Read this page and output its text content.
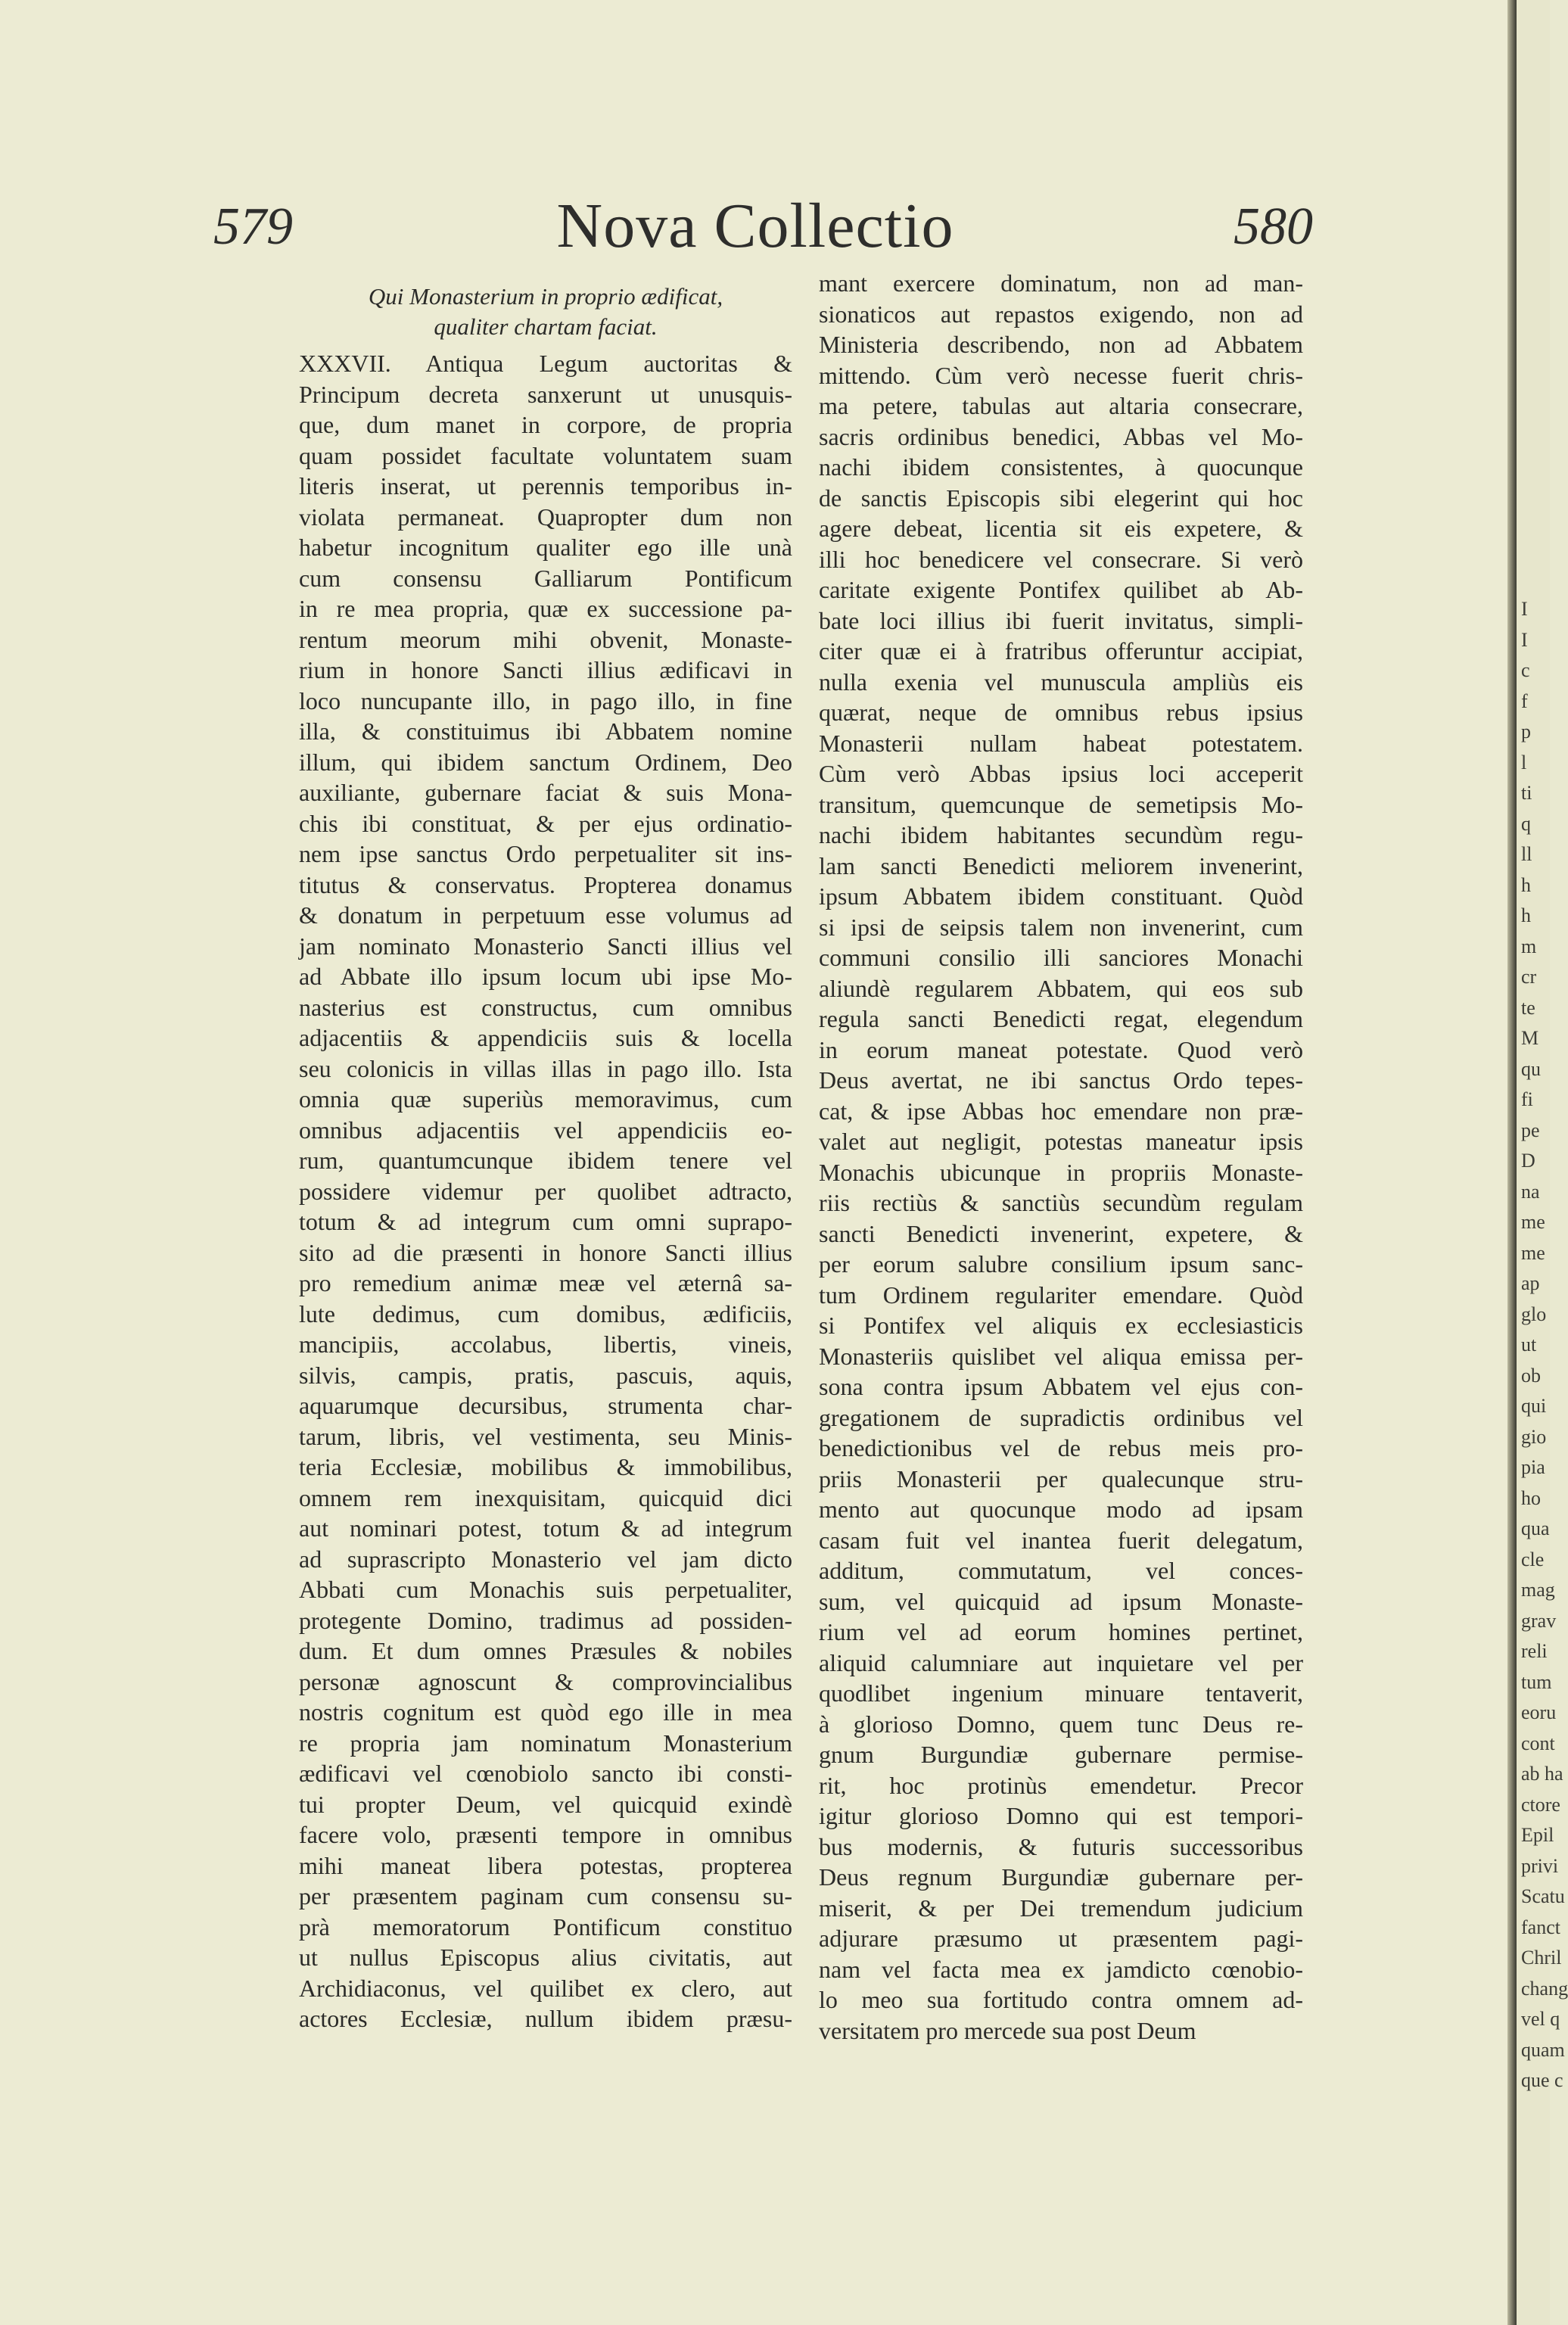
579	Nova Collectio	580
Qui Monasterium in proprio ædificat,
qualiter chartam faciat.
XXXVII. Antiqua Legum auctoritas &
Principum decreta sanxerunt ut unusquis-
que, dum manet in corpore, de propria
quam possidet facultate voluntatem suam
literis inserat, ut perennis temporibus in-
violata permaneat. Quapropter dum non
habetur incognitum qualiter ego ille unà
cum consensu Galliarum Pontificum
in re mea propria, quæ ex successione pa-
rentum meorum mihi obvenit, Monaste-
rium in honore Sancti illius ædificavi in
loco nuncupante illo, in pago illo, in fine
illa, & constituimus ibi Abbatem nomine
illum, qui ibidem sanctum Ordinem, Deo
auxiliante, gubernare faciat & suis Mona-
chis ibi constituat, & per ejus ordinatio-
nem ipse sanctus Ordo perpetualiter sit ins-
titutus & conservatus. Propterea donamus
& donatum in perpetuum esse volumus ad
jam nominato Monasterio Sancti illius vel
ad Abbate illo ipsum locum ubi ipse Mo-
nasterius est constructus, cum omnibus
adjacentiis & appendiciis suis & locella
seu colonicis in villas illas in pago illo. Ista
omnia quæ superiùs memoravimus, cum
omnibus adjacentiis vel appendiciis eo-
rum, quantumcunque ibidem tenere vel
possidere videmur per quolibet adtracto,
totum & ad integrum cum omni suprapo-
sito ad die præsenti in honore Sancti illius
pro remedium animæ meæ vel æternâ sa-
lute dedimus, cum domibus, ædificiis,
mancipiis, accolabus, libertis, vineis,
silvis, campis, pratis, pascuis, aquis,
aquarumque decursibus, strumenta char-
tarum, libris, vel vestimenta, seu Minis-
teria Ecclesiæ, mobilibus & immobilibus,
omnem rem inexquisitam, quicquid dici
aut nominari potest, totum & ad integrum
ad suprascripto Monasterio vel jam dicto
Abbati cum Monachis suis perpetualiter,
protegente Domino, tradimus ad possiden-
dum. Et dum omnes Præsules & nobiles
personæ agnoscunt & comprovincialibus
nostris cognitum est quòd ego ille in mea
re propria jam nominatum Monasterium
ædificavi vel cœnobiolo sancto ibi consti-
tui propter Deum, vel quicquid exindè
facere volo, præsenti tempore in omnibus
mihi maneat libera potestas, propterea
per præsentem paginam cum consensu su-
prà memoratorum Pontificum constituo
ut nullus Episcopus alius civitatis, aut
Archidiaconus, vel quilibet ex clero, aut
actores Ecclesiæ, nullum ibidem præsu-
mant exercere dominatum, non ad man-
sionaticos aut repastos exigendo, non ad
Ministeria describendo, non ad Abbatem
mittendo. Cùm verò necesse fuerit chris-
ma petere, tabulas aut altaria consecrare,
sacris ordinibus benedici, Abbas vel Mo-
nachi ibidem consistentes, à quocunque
de sanctis Episcopis sibi elegerint qui hoc
agere debeat, licentia sit eis expetere, &
illi hoc benedicere vel consecrare. Si verò
caritate exigente Pontifex quilibet ab Ab-
bate loci illius ibi fuerit invitatus, simpli-
citer quæ ei à fratribus offeruntur accipiat,
nulla exenia vel munuscula ampliùs eis
quærat, neque de omnibus rebus ipsius
Monasterii nullam habeat potestatem.
Cùm verò Abbas ipsius loci acceperit
transitum, quemcunque de semetipsis Mo-
nachi ibidem habitantes secundùm regu-
lam sancti Benedicti meliorem invenerint,
ipsum Abbatem ibidem constituant. Quòd
si ipsi de seipsis talem non invenerint, cum
communi consilio illi sanciores Monachi
aliundè regularem Abbatem, qui eos sub
regula sancti Benedicti regat, elegendum
in eorum maneat potestate. Quod verò
Deus avertat, ne ibi sanctus Ordo tepes-
cat, & ipse Abbas hoc emendare non præ-
valet aut negligit, potestas maneatur ipsis
Monachis ubicunque in propriis Monaste-
riis rectiùs & sanctiùs secundùm regulam
sancti Benedicti invenerint, expetere, &
per eorum salubre consilium ipsum sanc-
tum Ordinem regulariter emendare. Quòd
si Pontifex vel aliquis ex ecclesiasticis
Monasteriis quislibet vel aliqua emissa per-
sona contra ipsum Abbatem vel ejus con-
gregationem de supradictis ordinibus vel
benedictionibus vel de rebus meis pro-
priis Monasterii per qualecunque stru-
mento aut quocunque modo ad ipsam
casam fuit vel inantea fuerit delegatum,
additum, commutatum, vel conces-
sum, vel quicquid ad ipsum Monaste-
rium vel ad eorum homines pertinet,
aliquid calumniare aut inquietare vel per
quodlibet ingenium minuare tentaverit,
à glorioso Domno, quem tunc Deus re-
gnum Burgundiæ gubernare permise-
rit, hoc protinùs emendetur. Precor
igitur glorioso Domno qui est tempori-
bus modernis, & futuris successoribus
Deus regnum Burgundiæ gubernare per-
miserit, & per Dei tremendum judicium
adjurare præsumo ut præsentem pagi-
nam vel facta mea ex jamdicto cœnobio-
lo meo sua fortitudo contra omnem ad-
versitatem pro mercede sua post Deum
I
I
c
f
p
l
ti
q
ll
h
h
m
cr
te
M
qu
fi
pe
D
na
me
me
ap
glo
ut
ob
qui
gio
pia
ho
qua
cle
mag
grav
reli
tum
eoru
cont
ab ha
ctore
Epil
privi
Scatu
fanct
Chril
chang
vel q
quam
que c
